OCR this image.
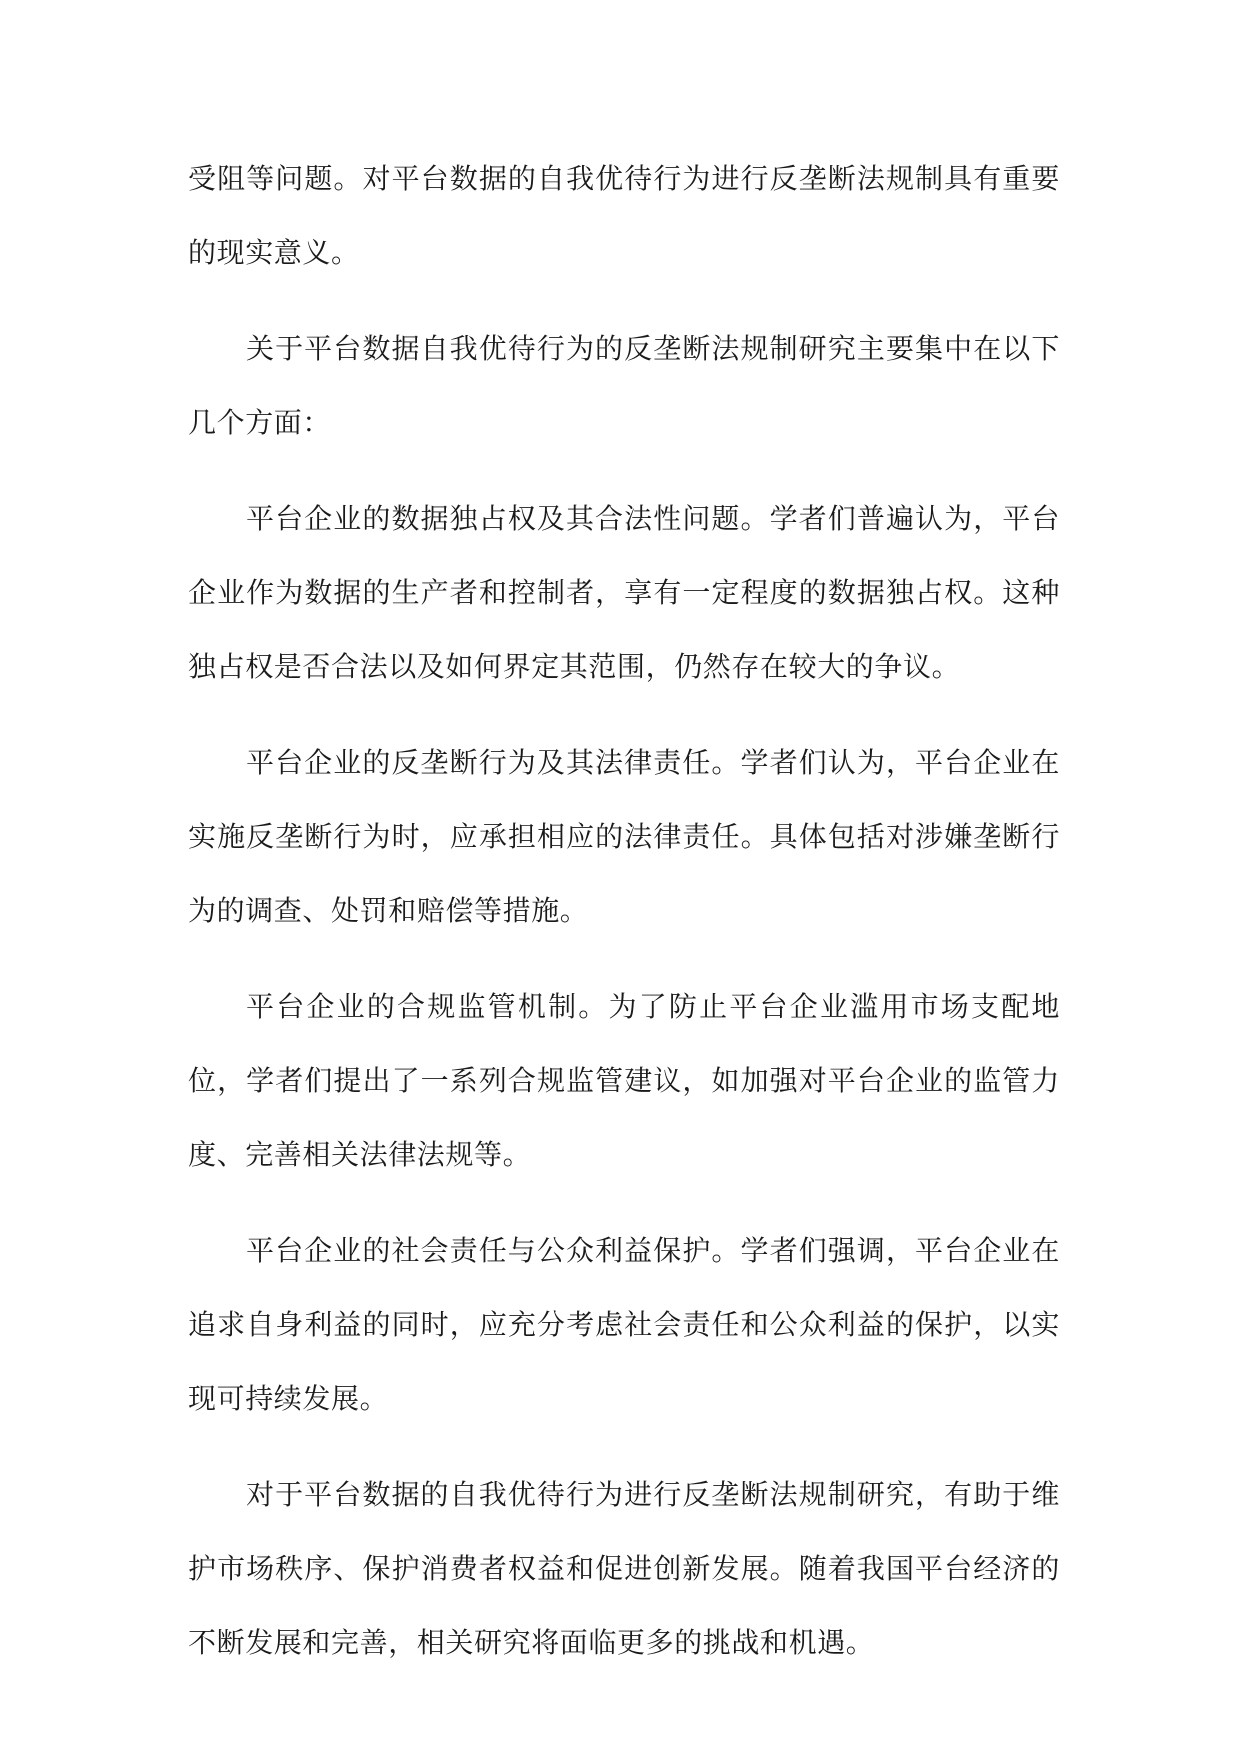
受阻等问题。对平台数据的自我优待行为进行反垄断法规制具有重要的现实意义。

关于平台数据自我优待行为的反垄断法规制研究主要集中在以下几个方面：

平台企业的数据独占权及其合法性问题。学者们普遍认为，平台企业作为数据的生产者和控制者，享有一定程度的数据独占权。这种独占权是否合法以及如何界定其范围，仍然存在较大的争议。

平台企业的反垄断行为及其法律责任。学者们认为，平台企业在实施反垄断行为时，应承担相应的法律责任。具体包括对涉嫌垄断行为的调查、处罚和赔偿等措施。

平台企业的合规监管机制。为了防止平台企业滥用市场支配地位，学者们提出了一系列合规监管建议，如加强对平台企业的监管力度、完善相关法律法规等。

平台企业的社会责任与公众利益保护。学者们强调，平台企业在追求自身利益的同时，应充分考虑社会责任和公众利益的保护，以实现可持续发展。

对于平台数据的自我优待行为进行反垄断法规制研究，有助于维护市场秩序、保护消费者权益和促进创新发展。随着我国平台经济的不断发展和完善，相关研究将面临更多的挑战和机遇。
